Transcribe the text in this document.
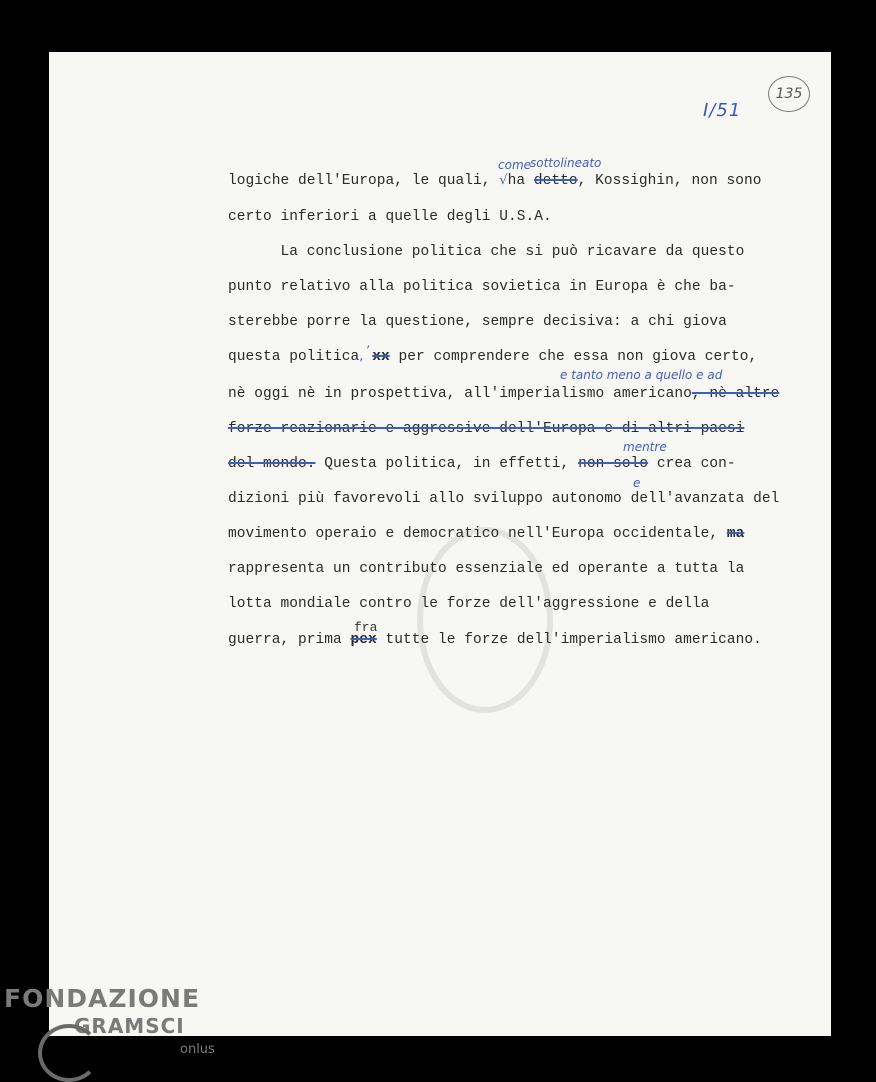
I/51
135
logiche dell'Europa, le quali, √ha detto, Kossighin, non sono
come
sottolineato
certo inferiori a quelle degli U.S.A.
La conclusione politica che si può ricavare da questo
punto relativo alla politica sovietica in Europa è che ba-
sterebbe porre la questione, sempre decisiva: a chi giova
questa politica, xx per comprendere che essa non giova certo,
,
nè oggi nè in prospettiva, all'imperialismo americano, nè altre
e tanto meno a quello e ad
forze reazionarie e aggressive dell'Europa e di altri paesi
del mondo. Questa politica, in effetti, non solo crea con-
mentre
dizioni più favorevoli allo sviluppo autonomo dell'avanzata del
e
movimento operaio e democratico nell'Europa occidentale, ma
rappresenta un contributo essenziale ed operante a tutta la
lotta mondiale contro le forze dell'aggressione e della
guerra, prima pex tutte le forze dell'imperialismo americano.
fra
FONDAZIONE
GRAMSCI
onlus
